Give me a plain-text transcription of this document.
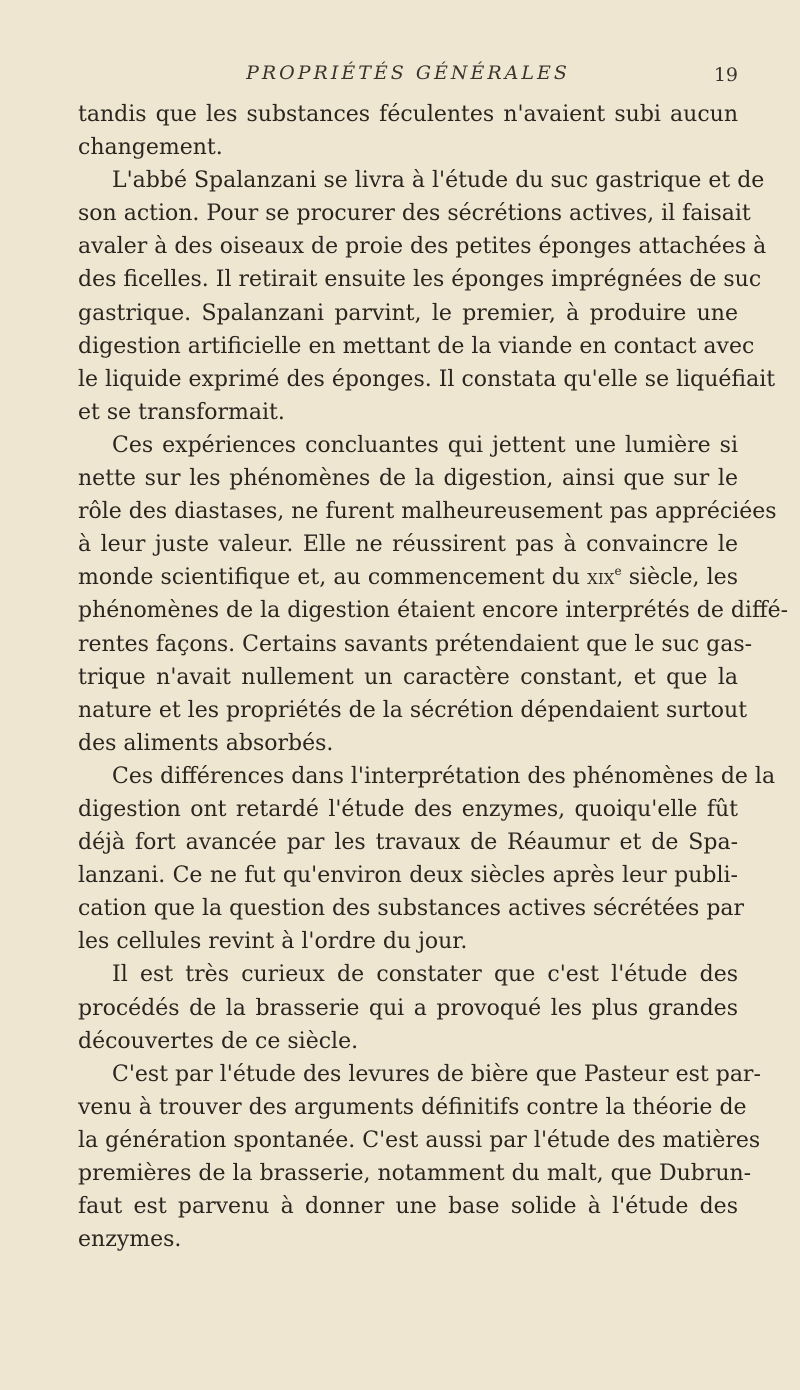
PROPRIÉTÉS GÉNÉRALES	19
tandis que les substances féculentes n'avaient subi aucun
changement.
L'abbé Spalanzani se livra à l'étude du suc gastrique et de
son action. Pour se procurer des sécrétions actives, il faisait
avaler à des oiseaux de proie des petites éponges attachées à
des ficelles. Il retirait ensuite les éponges imprégnées de suc
gastrique. Spalanzani parvint, le premier, à produire une
digestion artificielle en mettant de la viande en contact avec
le liquide exprimé des éponges. Il constata qu'elle se liquéfiait
et se transformait.
Ces expériences concluantes qui jettent une lumière si
nette sur les phénomènes de la digestion, ainsi que sur le
rôle des diastases, ne furent malheureusement pas appréciées
à leur juste valeur. Elle ne réussirent pas à convaincre le
monde scientifique et, au commencement du xix$^e$ siècle, les
phénomènes de la digestion étaient encore interprétés de diffé-
rentes façons. Certains savants prétendaient que le suc gas-
trique n'avait nullement un caractère constant, et que la
nature et les propriétés de la sécrétion dépendaient surtout
des aliments absorbés.
Ces différences dans l'interprétation des phénomènes de la
digestion ont retardé l'étude des enzymes, quoiqu'elle fût
déjà fort avancée par les travaux de Réaumur et de Spa-
lanzani. Ce ne fut qu'environ deux siècles après leur publi-
cation que la question des substances actives sécrétées par
les cellules revint à l'ordre du jour.
Il est très curieux de constater que c'est l'étude des
procédés de la brasserie qui a provoqué les plus grandes
découvertes de ce siècle.
C'est par l'étude des levures de bière que Pasteur est par-
venu à trouver des arguments définitifs contre la théorie de
la génération spontanée. C'est aussi par l'étude des matières
premières de la brasserie, notamment du malt, que Dubrun-
faut est parvenu à donner une base solide à l'étude des
enzymes.
